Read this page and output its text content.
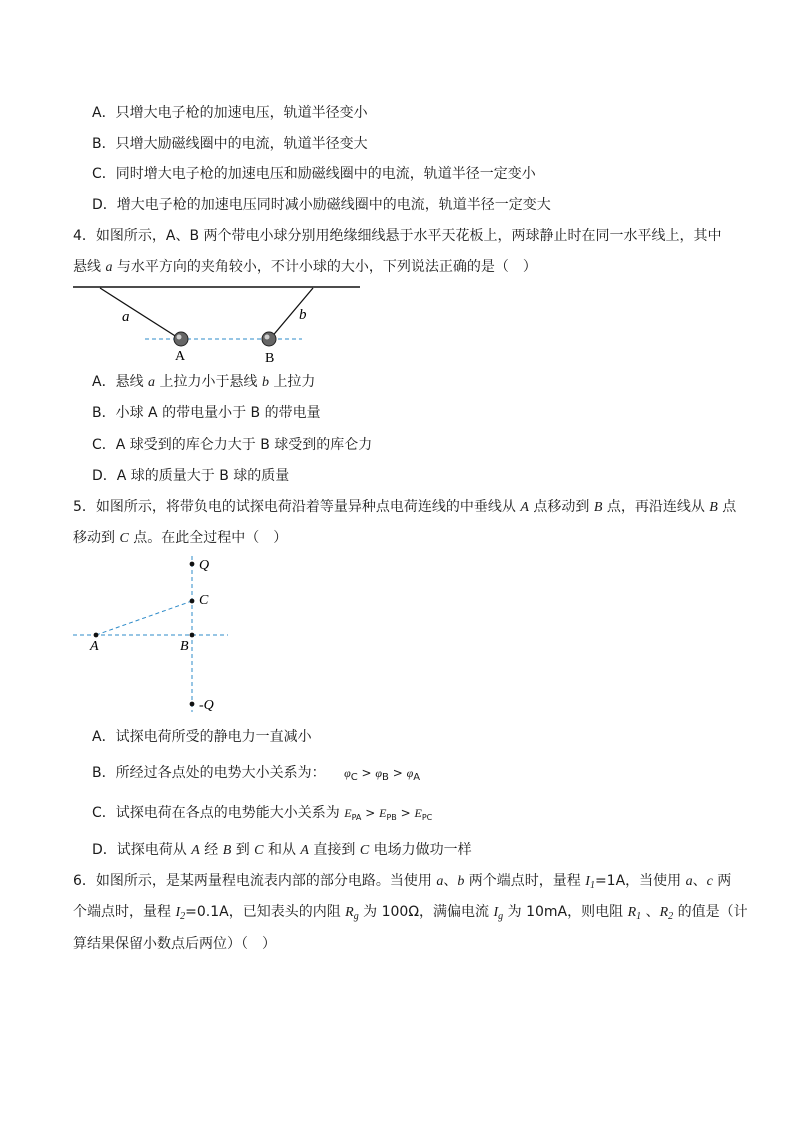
A．只增大电子枪的加速电压，轨道半径变小
B．只增大励磁线圈中的电流，轨道半径变大
C．同时增大电子枪的加速电压和励磁线圈中的电流，轨道半径一定变小
D．增大电子枪的加速电压同时减小励磁线圈中的电流，轨道半径一定变大
4．如图所示，A、B 两个带电小球分别用绝缘细线悬于水平天花板上，两球静止时在同一水平线上，其中
悬线 a 与水平方向的夹角较小，不计小球的大小，下列说法正确的是（　）
a	b
A	B
A．悬线 a 上拉力小于悬线 b 上拉力
B．小球 A 的带电量小于 B 的带电量
C．A 球受到的库仑力大于 B 球受到的库仑力
D．A 球的质量大于 B 球的质量
5．如图所示，将带负电的试探电荷沿着等量异种点电荷连线的中垂线从 A 点移动到 B 点，再沿连线从 B 点
移动到 C 点。在此全过程中（　）
Q
C
B
A
-Q
A．试探电荷所受的静电力一直减小
B．所经过各点处的电势大小关系为： $\varphi_C > \varphi_B > \varphi_A$
C．试探电荷在各点的电势能大小关系为 $E_{PA} > E_{PB} > E_{PC}$
D．试探电荷从 A 经 B 到 C 和从 A 直接到 C 电场力做功一样
6．如图所示，是某两量程电流表内部的部分电路。当使用 a、b 两个端点时，量程 $I_1=1A$，当使用 a、c 两
个端点时，量程 $I_2=0.1A$，已知表头的内阻 $R_g$ 为 100Ω，满偏电流 $I_g$ 为 10mA，则电阻 $R_1$ 、$R_2$ 的值是（计
算结果保留小数点后两位）（　）
